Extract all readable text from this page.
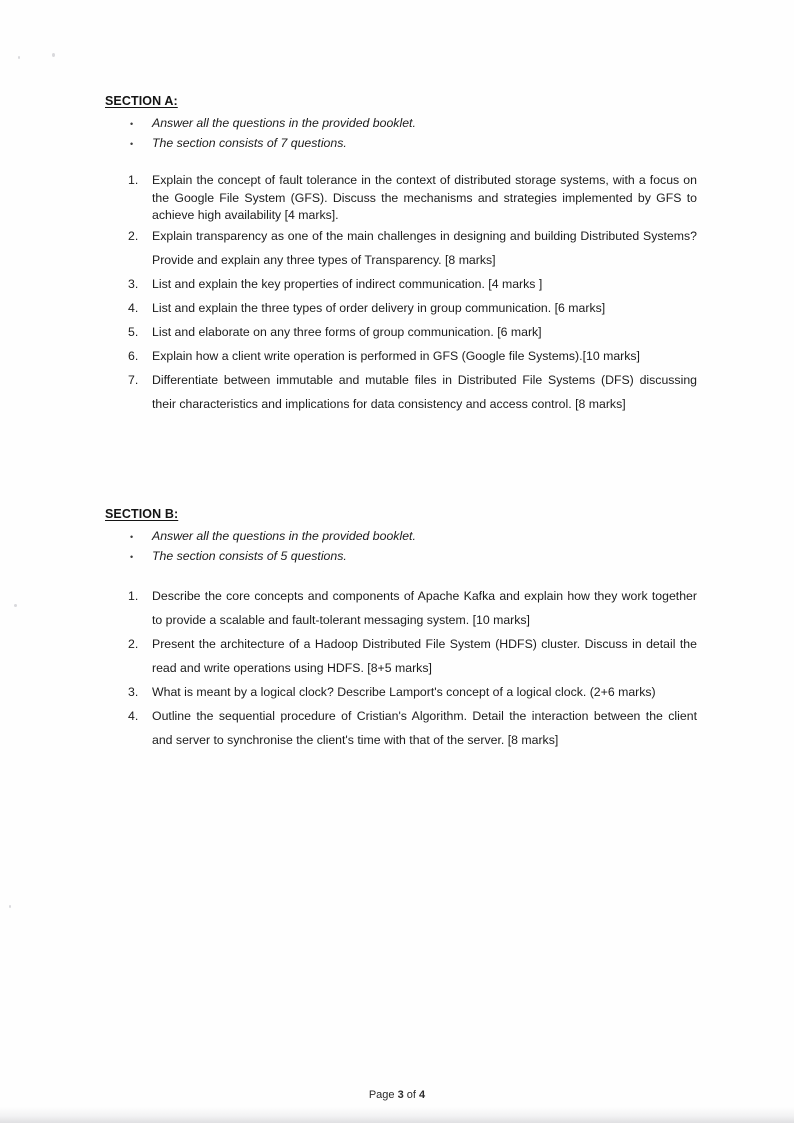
SECTION A:
•	Answer all the questions in the provided booklet.
•	The section consists of 7 questions.
1.	Explain the concept of fault tolerance in the context of distributed storage systems, with a focus on the Google File System (GFS). Discuss the mechanisms and strategies implemented by GFS to achieve high availability [4 marks].
2.	Explain transparency as one of the main challenges in designing and building Distributed Systems? Provide and explain any three types of Transparency. [8 marks]
3.	List and explain the key properties of indirect communication. [4 marks ]
4.	List and explain the three types of order delivery in group communication. [6 marks]
5.	List and elaborate on any three forms of group communication. [6 mark]
6.	Explain how a client write operation is performed in GFS (Google file Systems).[10 marks]
7.	Differentiate between immutable and mutable files in Distributed File Systems (DFS) discussing their characteristics and implications for data consistency and access control. [8 marks]
SECTION B:
•	Answer all the questions in the provided booklet.
•	The section consists of 5 questions.
1.	Describe the core concepts and components of Apache Kafka and explain how they work together to provide a scalable and fault-tolerant messaging system. [10 marks]
2.	Present the architecture of a Hadoop Distributed File System (HDFS) cluster. Discuss in detail the read and write operations using HDFS. [8+5 marks]
3.	What is meant by a logical clock? Describe Lamport's concept of a logical clock. (2+6 marks)
4.	Outline the sequential procedure of Cristian's Algorithm. Detail the interaction between the client and server to synchronise the client's time with that of the server. [8 marks]
Page 3 of 4
